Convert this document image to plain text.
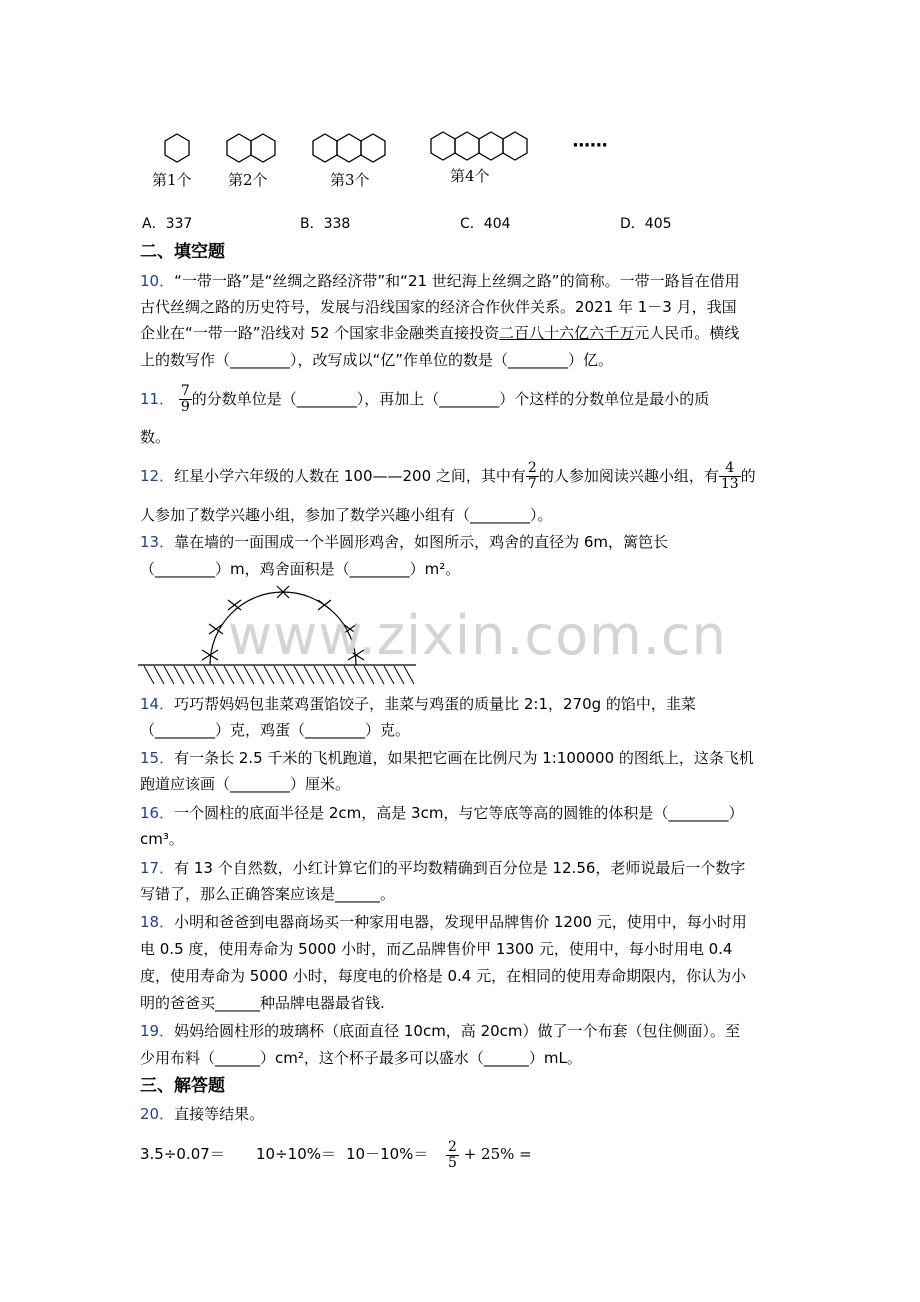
第1个 第2个	第3个	第4个
······
A．337	B．338	C．404	D．405
二、填空题
10．“一带一路”是“丝绸之路经济带”和“21 世纪海上丝绸之路”的简称。一带一路旨在借用
古代丝绸之路的历史符号，发展与沿线国家的经济合作伙伴关系。2021 年 1－3 月，我国
企业在“一带一路”沿线对 52 个国家非金融类直接投资二百八十六亿六千万元人民币。横线
上的数写作（________），改写成以“亿”作单位的数是（________）亿。
11． $\frac{7}{9}$ 的分数单位是（________），再加上（________）个这样的分数单位是最小的质
数。
12．红星小学六年级的人数在 100——200 之间，其中有 $\frac{2}{7}$ 的人参加阅读兴趣小组，有 $\frac{4}{13}$ 的
人参加了数学兴趣小组，参加了数学兴趣小组有（________）。
13．靠在墙的一面围成一个半圆形鸡舍，如图所示，鸡舍的直径为 6m，篱笆长
（________）m，鸡舍面积是（________）m²。
www.zixin.com.cn
14．巧巧帮妈妈包韭菜鸡蛋馅饺子，韭菜与鸡蛋的质量比 2:1，270g 的馅中，韭菜
（________）克，鸡蛋（________）克。
15．有一条长 2.5 千米的飞机跑道，如果把它画在比例尺为 1:100000 的图纸上，这条飞机
跑道应该画（________）厘米。
16．一个圆柱的底面半径是 2cm，高是 3cm，与它等底等高的圆锥的体积是（________）
cm³。
17．有 13 个自然数，小红计算它们的平均数精确到百分位是 12.56，老师说最后一个数字
写错了，那么正确答案应该是______。
18．小明和爸爸到电器商场买一种家用电器，发现甲品牌售价 1200 元，使用中，每小时用
电 0.5 度，使用寿命为 5000 小时，而乙品牌售价甲 1300 元，使用中，每小时用电 0.4
度，使用寿命为 5000 小时，每度电的价格是 0.4 元，在相同的使用寿命期限内，你认为小
明的爸爸买______种品牌电器最省钱.
19．妈妈给圆柱形的玻璃杯（底面直径 10cm，高 20cm）做了一个布套（包住侧面）。至
少用布料（______）cm²，这个杯子最多可以盛水（______）mL。
三、解答题
20．直接等结果。
$3.5\div 0.07= 10\div 10\%= 10-10\%= \frac{2}{5} + 25\%$ =
